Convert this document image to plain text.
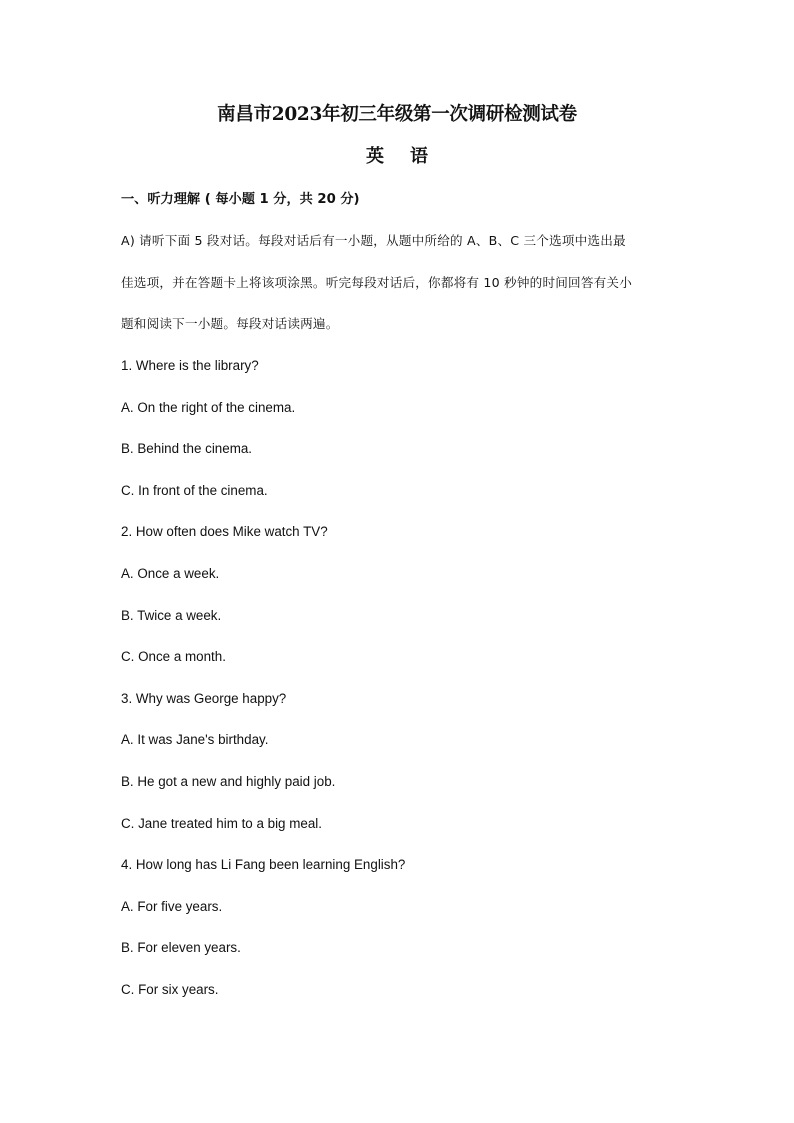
南昌市2023年初三年级第一次调研检测试卷
英语
一、听力理解 ( 每小题 1 分，共 20 分)
A) 请听下面 5 段对话。每段对话后有一小题，从题中所给的 A、B、C 三个选项中选出最
佳选项，并在答题卡上将该项涂黑。听完每段对话后，你都将有 10 秒钟的时间回答有关小
题和阅读下一小题。每段对话读两遍。
1. Where is the library?
A. On the right of the cinema.
B. Behind the cinema.
C. In front of the cinema.
2. How often does Mike watch TV?
A. Once a week.
B. Twice a week.
C. Once a month.
3. Why was George happy?
A. It was Jane's birthday.
B. He got a new and highly paid job.
C. Jane treated him to a big meal.
4. How long has Li Fang been learning English?
A. For five years.
B. For eleven years.
C. For six years.
